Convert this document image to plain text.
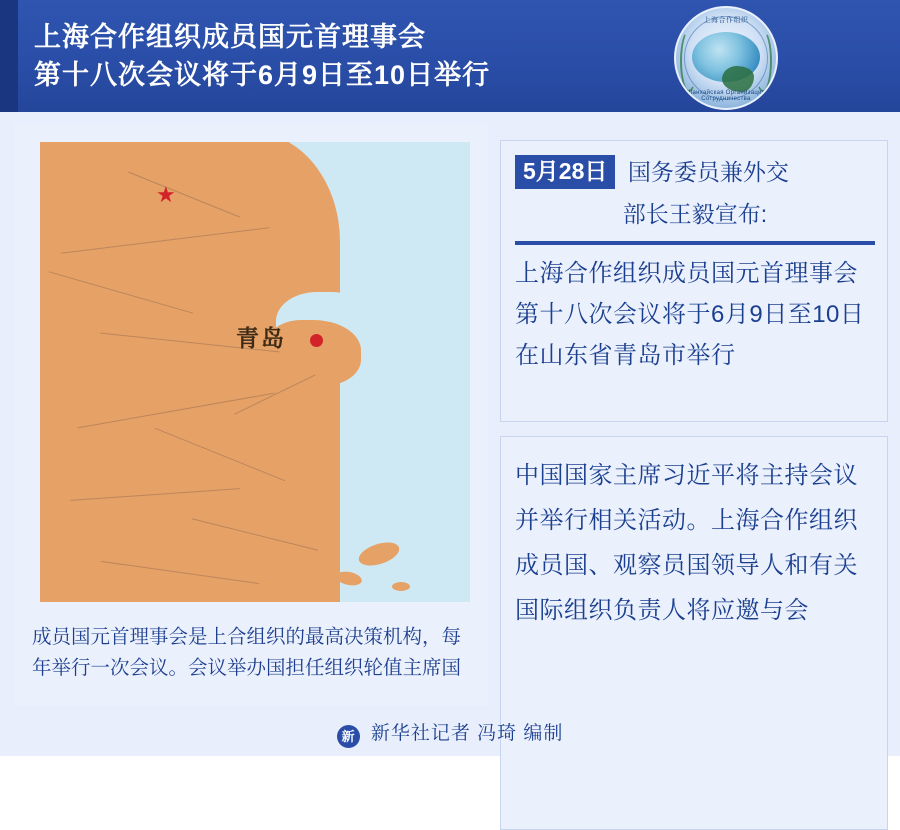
上海合作组织成员国元首理事会
第十八次会议将于6月9日至10日举行
上海合作组织
Шанхайская Организация Сотрудничества
★
青岛
成员国元首理事会是上合组织的最高决策机构，每年举行一次会议。会议举办国担任组织轮值主席国
5月28日 国务委员兼外交
部长王毅宣布:
上海合作组织成员国元首理事会第十八次会议将于6月9日至10日在山东省青岛市举行
中国国家主席习近平将主持会议并举行相关活动。上海合作组织成员国、观察员国领导人和有关国际组织负责人将应邀与会
新 新华社记者 冯琦 编制
